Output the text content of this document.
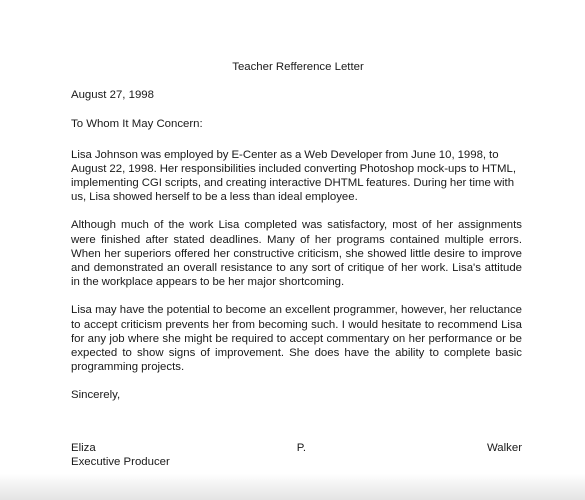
Teacher Refference Letter
August 27, 1998
To Whom It May Concern:
Lisa Johnson was employed by E-Center as a Web Developer from June 10, 1998, to August 22, 1998. Her responsibilities included converting Photoshop mock-ups to HTML, implementing CGI scripts, and creating interactive DHTML features. During her time with us, Lisa showed herself to be a less than ideal employee.
Although much of the work Lisa completed was satisfactory, most of her assignments were finished after stated deadlines. Many of her programs contained multiple errors. When her superiors offered her constructive criticism, she showed little desire to improve and demonstrated an overall resistance to any sort of critique of her work. Lisa's attitude in the workplace appears to be her major shortcoming.
Lisa may have the potential to become an excellent programmer, however, her reluctance to accept criticism prevents her from becoming such. I would hesitate to recommend Lisa for any job where she might be required to accept commentary on her performance or be expected to show signs of improvement. She does have the ability to complete basic programming projects.
Sincerely,
Eliza	P.	Walker
Executive Producer
